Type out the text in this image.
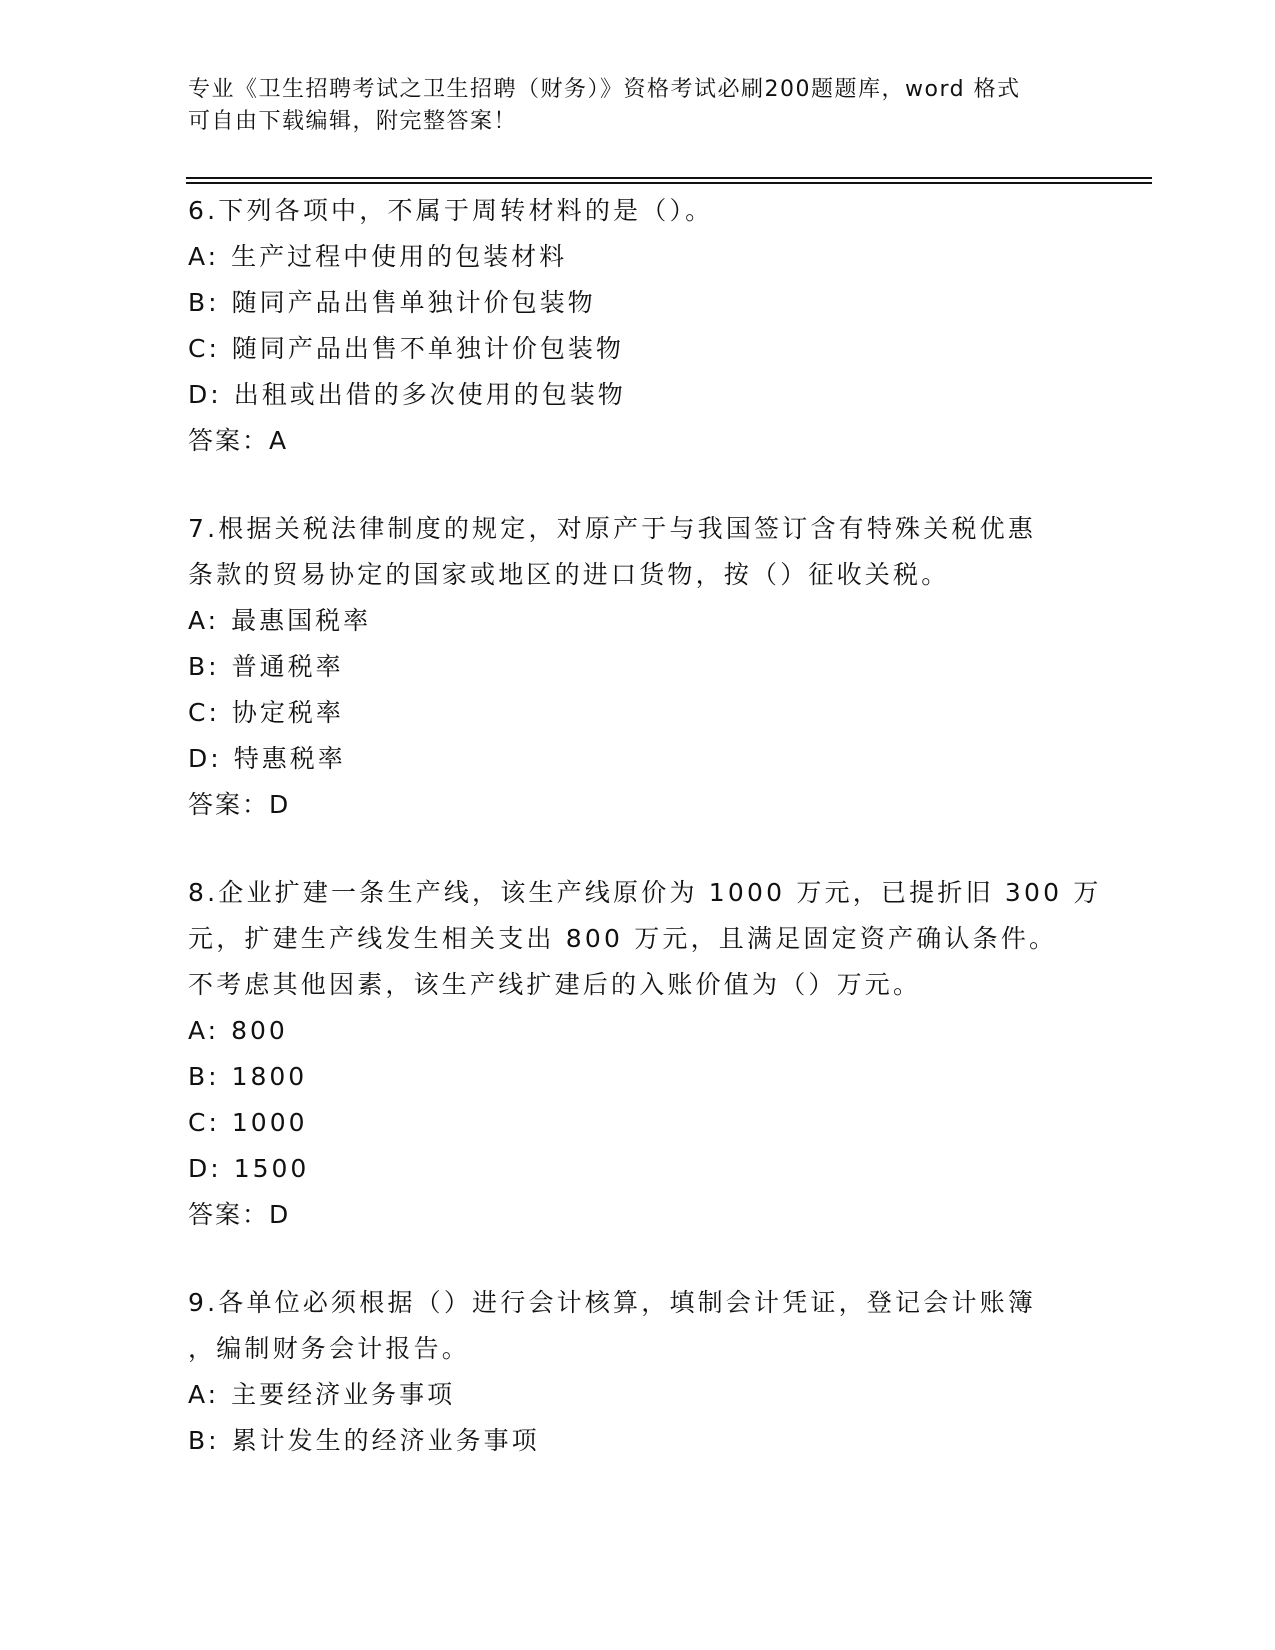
专业《卫生招聘考试之卫生招聘（财务）》资格考试必刷200题题库，word 格式
可自由下载编辑，附完整答案！
6.下列各项中，不属于周转材料的是（）。
A: 生产过程中使用的包装材料
B: 随同产品出售单独计价包装物
C: 随同产品出售不单独计价包装物
D: 出租或出借的多次使用的包装物
答案：A
7.根据关税法律制度的规定，对原产于与我国签订含有特殊关税优惠
条款的贸易协定的国家或地区的进口货物，按（）征收关税。
A: 最惠国税率
B: 普通税率
C: 协定税率
D: 特惠税率
答案：D
8.企业扩建一条生产线，该生产线原价为 1000 万元，已提折旧 300 万
元，扩建生产线发生相关支出 800 万元，且满足固定资产确认条件。
不考虑其他因素，该生产线扩建后的入账价值为（）万元。
A: 800
B: 1800
C: 1000
D: 1500
答案：D
9.各单位必须根据（）进行会计核算，填制会计凭证，登记会计账簿
，编制财务会计报告。
A: 主要经济业务事项
B: 累计发生的经济业务事项
